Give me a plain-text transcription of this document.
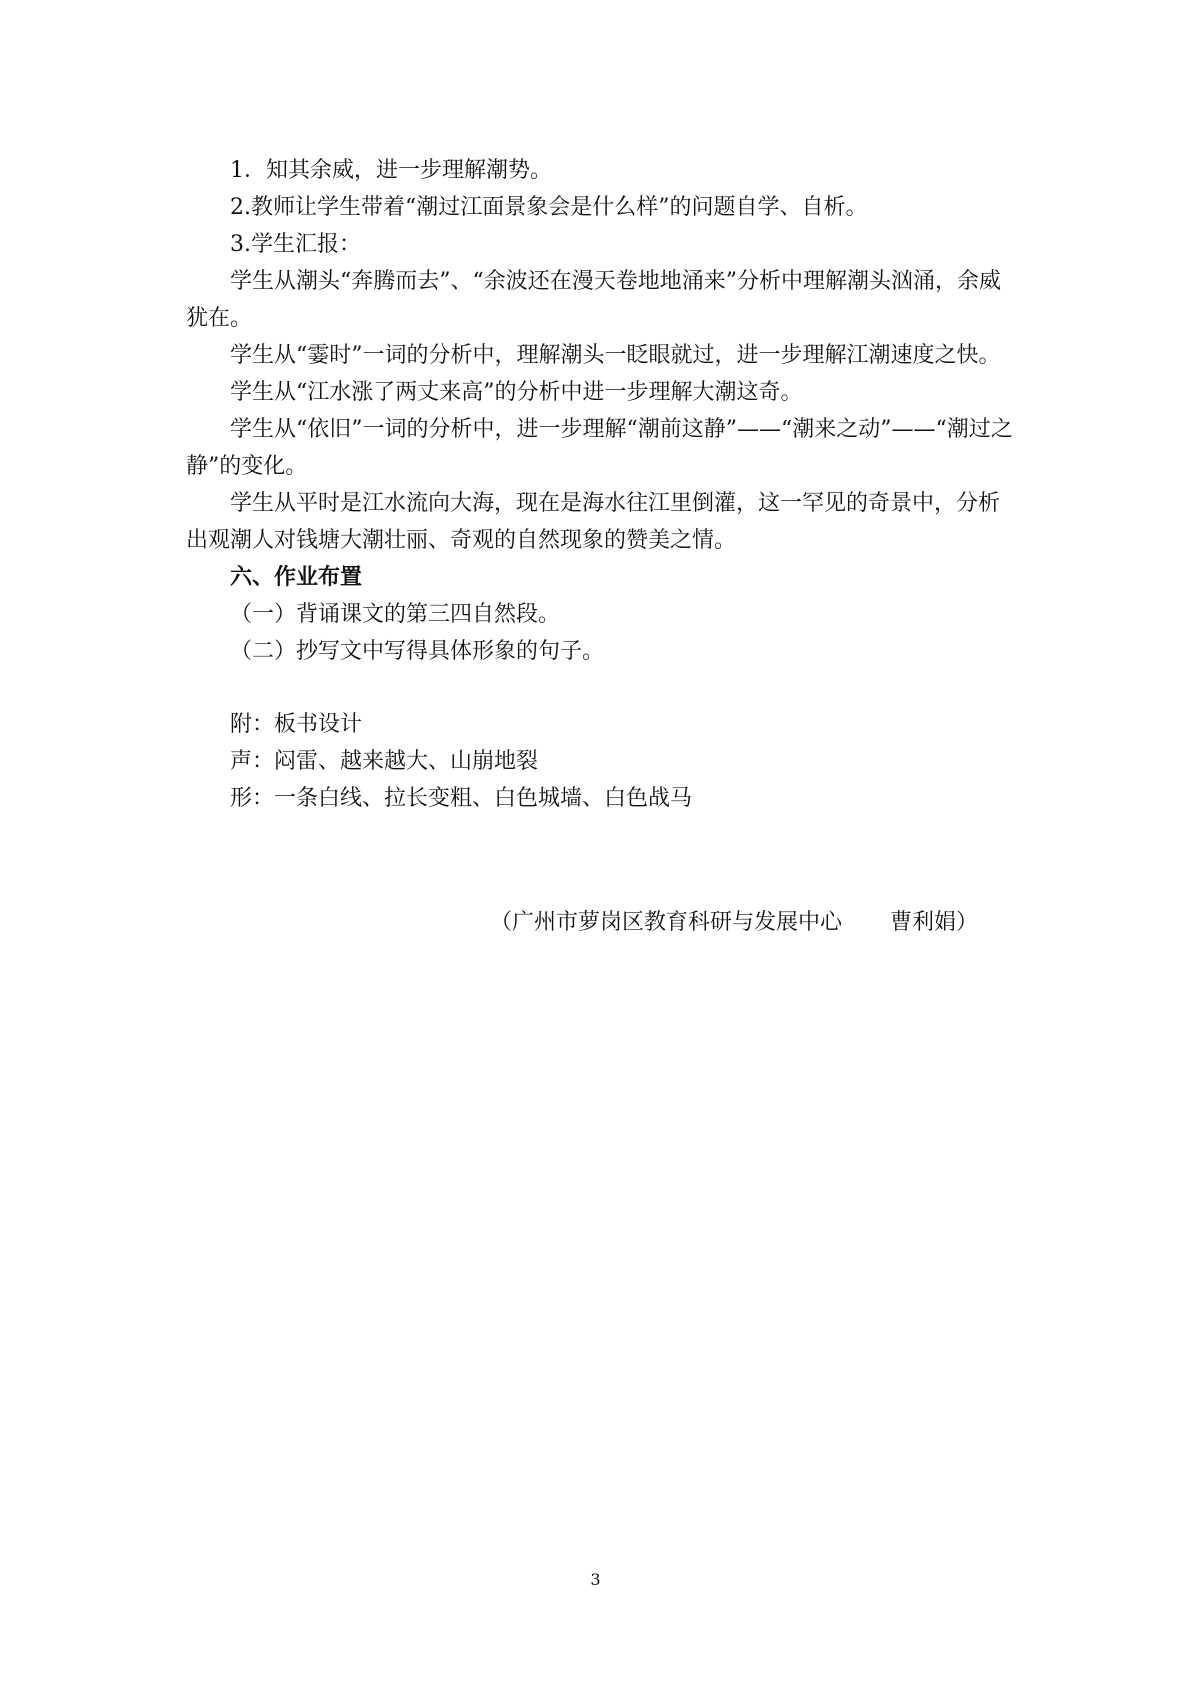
1．知其余威，进一步理解潮势。

2.教师让学生带着“潮过江面景象会是什么样”的问题自学、自析。

3.学生汇报：

学生从潮头“奔腾而去”、“余波还在漫天卷地地涌来”分析中理解潮头汹涌，余威犹在。

学生从“霎时”一词的分析中，理解潮头一眨眼就过，进一步理解江潮速度之快。

学生从“江水涨了两丈来高”的分析中进一步理解大潮这奇。

学生从“依旧”一词的分析中，进一步理解“潮前这静”——“潮来之动”——“潮过之静”的变化。

学生从平时是江水流向大海，现在是海水往江里倒灌，这一罕见的奇景中，分析出观潮人对钱塘大潮壮丽、奇观的自然现象的赞美之情。

六、作业布置

（一）背诵课文的第三四自然段。

（二）抄写文中写得具体形象的句子。

附：板书设计

声：闷雷、越来越大、山崩地裂

形：一条白线、拉长变粗、白色城墙、白色战马

（广州市萝岗区教育科研与发展中心 曹利娟）
3
